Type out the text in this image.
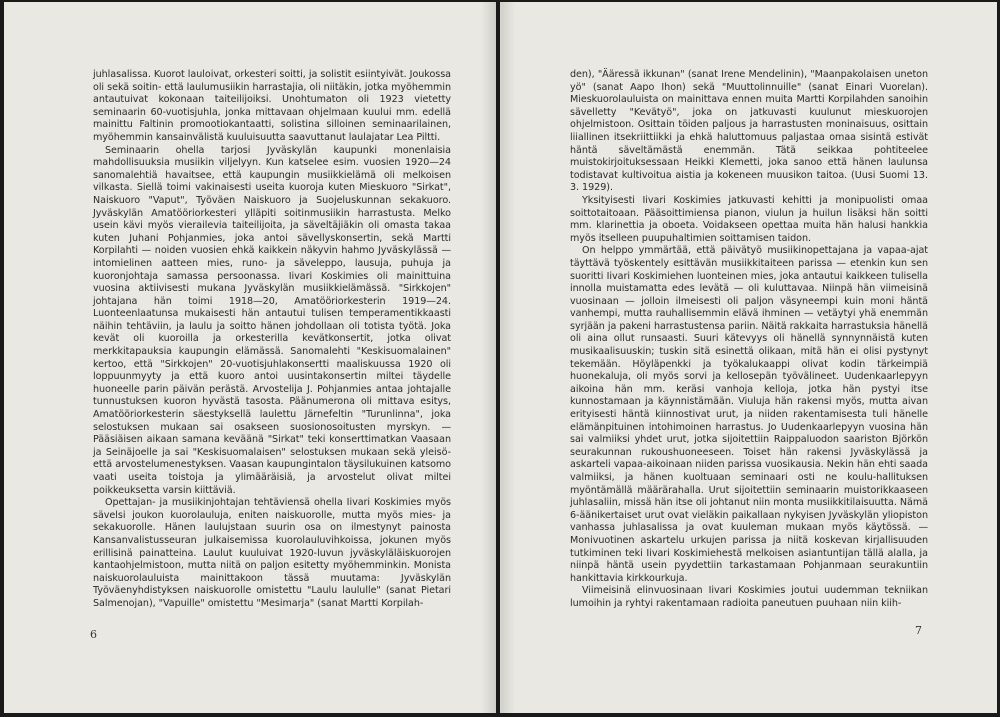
juhlasalissa. Kuorot lauloivat, orkesteri soitti, ja solistit esiintyivät. Joukossa oli sekä soitin- että laulumusiikin harrastajia, oli niitäkin, jotka myöhemmin antautuivat kokonaan taiteilijoiksi. Unohtumaton oli 1923 vietetty seminaarin 60-vuotisjuhla, jonka mittavaan ohjelmaan kuului mm. edellä mainittu Faltinin promootiokantaatti, solistina silloinen seminaarilainen, myöhemmin kansainvälistä kuuluisuutta saavuttanut laulajatar Lea Piltti.

Seminaarin ohella tarjosi Jyväskylän kaupunki monenlaisia mahdollisuuksia musiikin viljelyyn. Kun katselee esim. vuosien 1920—24 sanomalehtiä havaitsee, että kaupungin musiikkielämä oli melkoisen vilkasta. Siellä toimi vakinaisesti useita kuoroja kuten Mieskuoro "Sirkat", Naiskuoro "Vaput", Työväen Naiskuoro ja Suojeluskunnan sekakuoro. Jyväskylän Amatööriorkesteri ylläpiti soitinmusiikin harrastusta. Melko usein kävi myös vierailevia taiteilijoita, ja säveltäjiäkin oli omasta takaa kuten Juhani Pohjanmies, joka antoi sävellyskonsertin, sekä Martti Korpilahti — noiden vuosien ehkä kaikkein näkyvin hahmo Jyväskylässä — intomielinen aatteen mies, runo- ja säveleppo, lausuja, puhuja ja kuoronjohtaja samassa persoonassa. Iivari Koskimies oli mainittuina vuosina aktiivisesti mukana Jyväskylän musiikkielämässä. "Sirkkojen" johtajana hän toimi 1918—20, Amatööriorkesterin 1919—24. Luonteenlaatunsa mukaisesti hän antautui tulisen temperamentikkaasti näihin tehtäviin, ja laulu ja soitto hänen johdollaan oli totista työtä. Joka kevät oli kuoroilla ja orkesterilla kevätkonsertit, jotka olivat merkkitapauksia kaupungin elämässä. Sanomalehti "Keskisuomalainen" kertoo, että "Sirkkojen" 20-vuotisjuhlakonsertti maaliskuussa 1920 oli loppuunmyyty ja että kuoro antoi uusintakonsertin miltei täydelle huoneelle parin päivän perästä. Arvostelija J. Pohjanmies antaa johtajalle tunnustuksen kuoron hyvästä tasosta. Päänumerona oli mittava esitys, Amatööriorkesterin säestyksellä laulettu Järnefeltin "Turunlinna", joka selostuksen mukaan sai osakseen suosionosoitusten myrskyn. — Pääsiäisen aikaan samana keväänä "Sirkat" teki konserttimatkan Vaasaan ja Seinäjoelle ja sai "Keskisuomalaisen" selostuksen mukaan sekä yleisö- että arvostelumenestyksen. Vaasan kaupungintalon täysilukuinen katsomo vaati useita toistoja ja ylimääräisiä, ja arvostelut olivat miltei poikkeuksetta varsin kiittäviä.

Opettajan- ja musiikinjohtajan tehtäviensä ohella Iivari Koskimies myös sävelsi joukon kuorolauluja, eniten naiskuorolle, mutta myös mies- ja sekakuorolle. Hänen laulujstaan suurin osa on ilmestynyt painosta Kansanvalistusseuran julkaisemissa kuorolauluvihkoissa, jokunen myös erillisinä painatteina. Laulut kuuluivat 1920-luvun jyväskyläläiskuorojen kantaohjelmistoon, mutta niitä on paljon esitetty myöhemminkin. Monista naiskuorolauluista mainittakoon tässä muutama: Jyväskylän Työväenyhdistyksen naiskuorolle omistettu "Laulu laululle" (sanat Pietari Salmenojan), "Vapuille" omistettu "Mesimarja" (sanat Martti Korpilah-

6

den), "Ääressä ikkunan" (sanat Irene Mendelinin), "Maanpakolaisen uneton yö" (sanat Aapo Ihon) sekä "Muuttolinnuille" (sanat Einari Vuorelan). Mieskuorolauluista on mainittava ennen muita Martti Korpilahden sanoihin sävelletty "Kevätyö", joka on jatkuvasti kuulunut mieskuorojen ohjelmistoon. Osittain töiden paljous ja harrastusten moninaisuus, osittain liiallinen itsekriittiikki ja ehkä haluttomuus paljastaa omaa sisintä estivät häntä säveltämästä enemmän. Tätä seikkaa pohtiteelee muistokirjoituksessaan Heikki Klemetti, joka sanoo että hänen laulunsa todistavat kultivoitua aistia ja kokeneen muusikon taitoa. (Uusi Suomi 13. 3. 1929).

Yksityisesti Iivari Koskimies jatkuvasti kehitti ja monipuolisti omaa soittotaitoaan. Pääsoittimiensa pianon, viulun ja huilun lisäksi hän soitti mm. klarinettia ja oboeta. Voidakseen opettaa muita hän halusi hankkia myös itselleen puupuhaltimien soittamisen taidon.

On helppo ymmärtää, että päivätyö musiikinopettajana ja vapaa-ajat täyttävä työskentely esittävän musiikkitaiteen parissa — etenkin kun sen suoritti Iivari Koskimiehen luonteinen mies, joka antautui kaikkeen tulisella innolla muistamatta edes levätä — oli kuluttavaa. Niinpä hän viimeisinä vuosinaan — jolloin ilmeisesti oli paljon väsyneempi kuin moni häntä vanhempi, mutta rauhallisemmin elävä ihminen — vetäytyi yhä enemmän syrjään ja pakeni harrastustensa pariin. Näitä rakkaita harrastuksia hänellä oli aina ollut runsaasti. Suuri kätevyys oli hänellä synnynnäistä kuten musikaalisuuskin; tuskin sitä esinettä olikaan, mitä hän ei olisi pystynyt tekemään. Höyläpenkki ja työkalukaappi olivat kodin tärkeimpiä huonekaluja, oli myös sorvi ja kellosepän työvälineet. Uudenkaarlepyyn aikoina hän mm. keräsi vanhoja kelloja, jotka hän pystyi itse kunnostamaan ja käynnistämään. Viuluja hän rakensi myös, mutta aivan erityisesti häntä kiinnostivat urut, ja niiden rakentamisesta tuli hänelle elämänpituinen intohimoinen harrastus. Jo Uudenkaarlepyyn vuosina hän sai valmiiksi yhdet urut, jotka sijoitettiin Raippaluodon saariston Björkön seurakunnan rukoushuoneeseen. Toiset hän rakensi Jyväskylässä ja askarteli vapaa-aikoinaan niiden parissa vuosikausia. Nekin hän ehti saada valmiiksi, ja hänen kuoltuaan seminaari osti ne koulu-hallituksen myöntämällä määrärahalla. Urut sijoitettiin seminaarin muistorikkaaseen juhlasaliin, missä hän itse oli johtanut niin monta musiikkitilaisuutta. Nämä 6-äänikertaiset urut ovat vieläkin paikallaan nykyisen Jyväskylän yliopiston vanhassa juhlasalissa ja ovat kuuleman mukaan myös käytössä. — Monivuotinen askartelu urkujen parissa ja niitä koskevan kirjallisuuden tutkiminen teki Iivari Koskimiehestä melkoisen asiantuntijan tällä alalla, ja niinpä häntä usein pyydettiin tarkastamaan Pohjanmaan seurakuntiin hankittavia kirkkourkuja.

Viimeisinä elinvuosinaan Iivari Koskimies joutui uudemman tekniikan lumoihin ja ryhtyi rakentamaan radioita paneutuen puuhaan niin kiih-

7
